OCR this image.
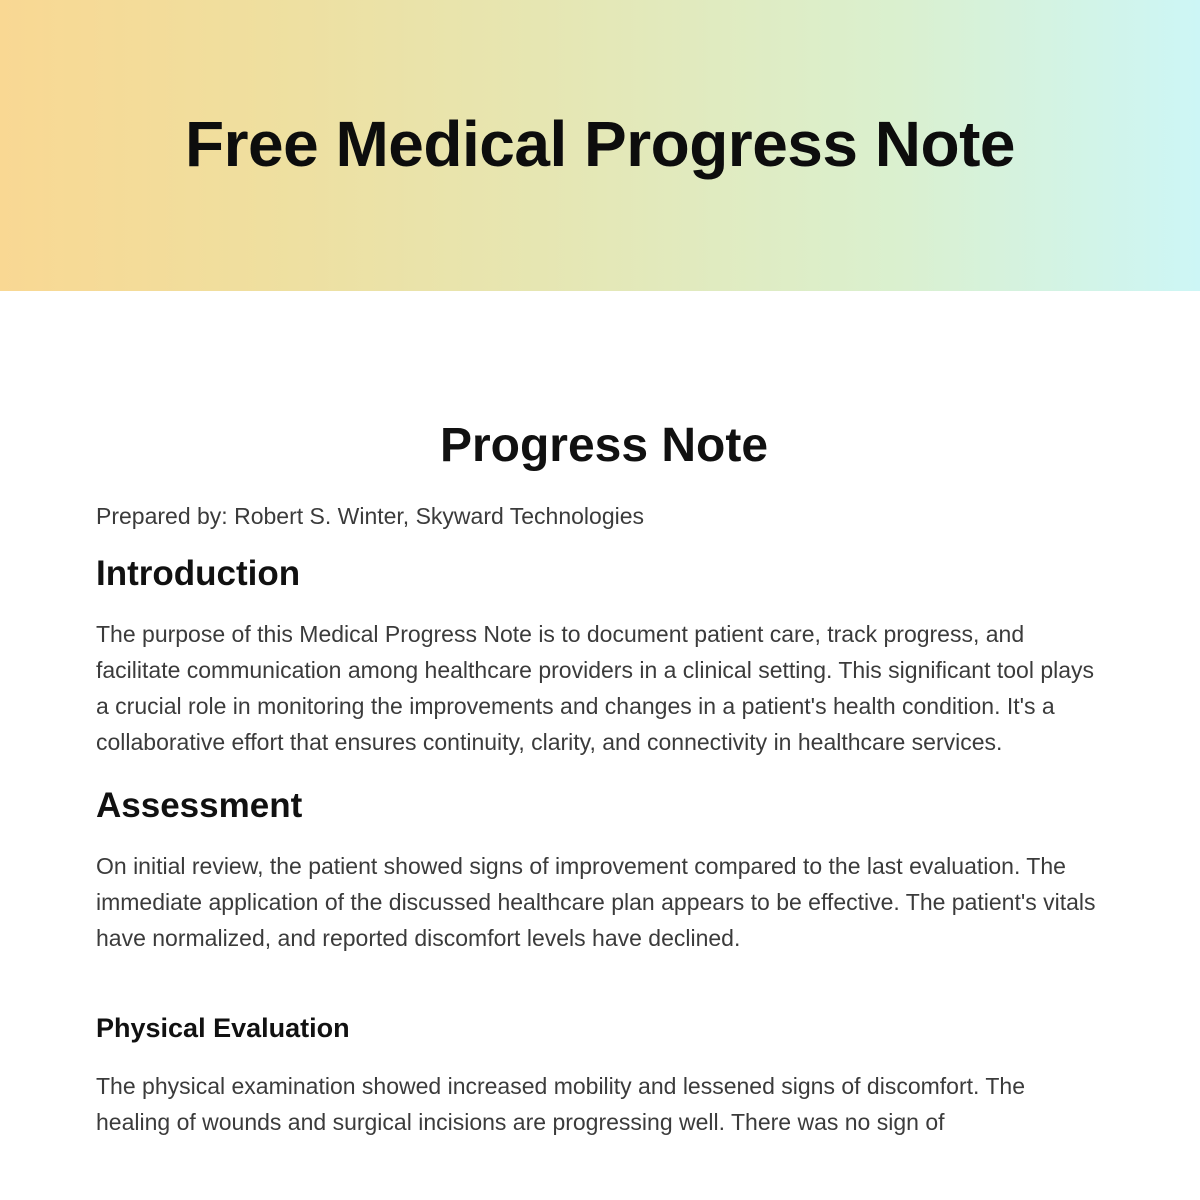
Free Medical Progress Note
Progress Note

Prepared by: Robert S. Winter, Skyward Technologies

Introduction

The purpose of this Medical Progress Note is to document patient care, track progress, and facilitate communication among healthcare providers in a clinical setting. This significant tool plays a crucial role in monitoring the improvements and changes in a patient's health condition. It's a collaborative effort that ensures continuity, clarity, and connectivity in healthcare services.

Assessment

On initial review, the patient showed signs of improvement compared to the last evaluation. The immediate application of the discussed healthcare plan appears to be effective. The patient's vitals have normalized, and reported discomfort levels have declined.

Physical Evaluation

The physical examination showed increased mobility and lessened signs of discomfort. The healing of wounds and surgical incisions are progressing well. There was no sign of
